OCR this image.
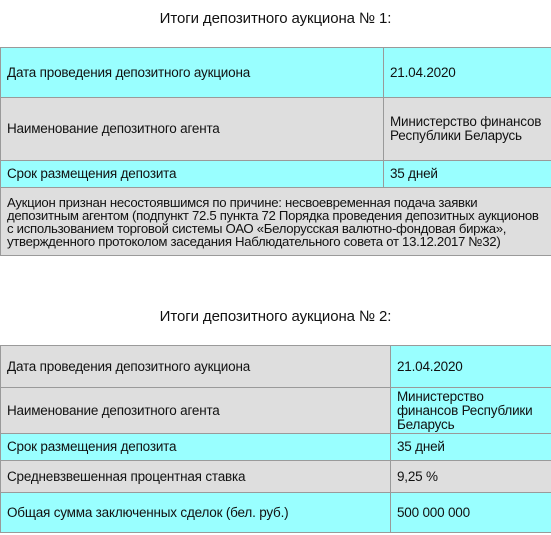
Итоги депозитного аукциона № 1:
Дата проведения депозитного аукциона	21.04.2020
Наименование депозитного агента	Министерство финансов Республики Беларусь
Срок размещения депозита	35 дней
Аукцион признан несостоявшимся по причине: несвоевременная подача заявки депозитным агентом (подпункт 72.5 пункта 72 Порядка проведения депозитных аукционов с использованием торговой системы ОАО «Белорусская валютно-фондовая биржа», утвержденного протоколом заседания Наблюдательного совета от 13.12.2017 №32)	
Итоги депозитного аукциона № 2:
Дата проведения депозитного аукциона	21.04.2020
Наименование депозитного агента	Министерство финансов Республики Беларусь
Срок размещения депозита	35 дней
Средневзвешенная процентная ставка	9,25 %
Общая сумма заключенных сделок (бел. руб.)	500 000 000
